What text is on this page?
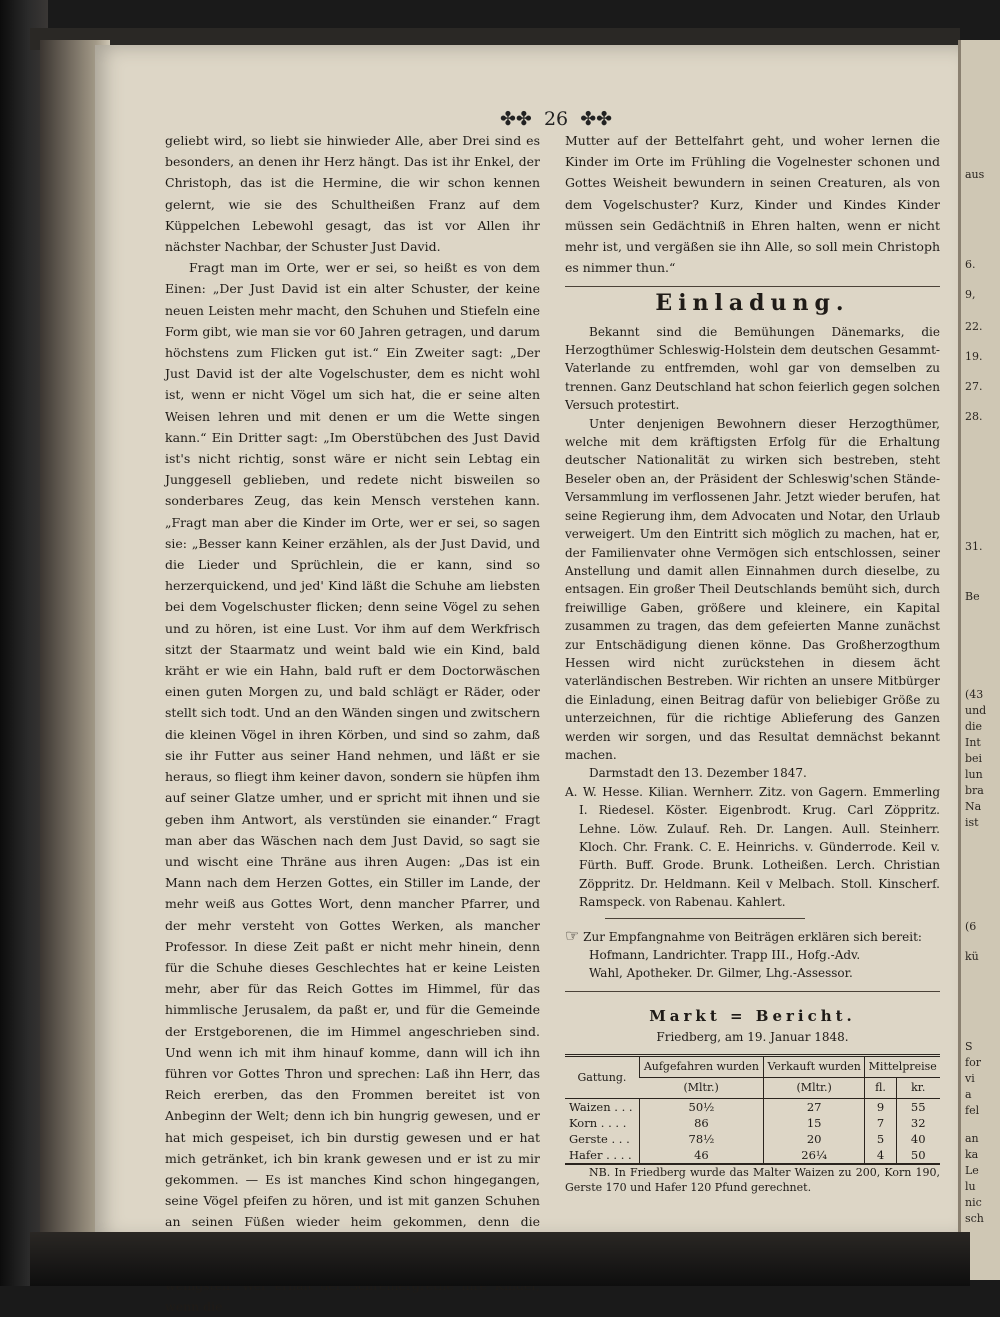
✤✤ 26 ✤✤

geliebt wird, so liebt sie hinwieder Alle, aber Drei sind es besonders, an denen ihr Herz hängt. Das ist ihr Enkel, der Christoph, das ist die Hermine, die wir schon kennen gelernt, wie sie des Schultheißen Franz auf dem Küppelchen Lebewohl gesagt, das ist vor Allen ihr nächster Nachbar, der Schuster Just David.

Fragt man im Orte, wer er sei, so heißt es von dem Einen: „Der Just David ist ein alter Schuster, der keine neuen Leisten mehr macht, den Schuhen und Stiefeln eine Form gibt, wie man sie vor 60 Jahren getragen, und darum höchstens zum Flicken gut ist.“ Ein Zweiter sagt: „Der Just David ist der alte Vogelschuster, dem es nicht wohl ist, wenn er nicht Vögel um sich hat, die er seine alten Weisen lehren und mit denen er um die Wette singen kann.“ Ein Dritter sagt: „Im Oberstübchen des Just David ist's nicht richtig, sonst wäre er nicht sein Lebtag ein Junggesell geblieben, und redete nicht bisweilen so sonderbares Zeug, das kein Mensch verstehen kann. „Fragt man aber die Kinder im Orte, wer er sei, so sagen sie: „Besser kann Keiner erzählen, als der Just David, und die Lieder und Sprüchlein, die er kann, sind so herzerquickend, und jed' Kind läßt die Schuhe am liebsten bei dem Vogelschuster flicken; denn seine Vögel zu sehen und zu hören, ist eine Lust. Vor ihm auf dem Werkfrisch sitzt der Staarmatz und weint bald wie ein Kind, bald kräht er wie ein Hahn, bald ruft er dem Doctorwäschen einen guten Morgen zu, und bald schlägt er Räder, oder stellt sich todt. Und an den Wänden singen und zwitschern die kleinen Vögel in ihren Körben, und sind so zahm, daß sie ihr Futter aus seiner Hand nehmen, und läßt er sie heraus, so fliegt ihm keiner davon, sondern sie hüpfen ihm auf seiner Glatze umher, und er spricht mit ihnen und sie geben ihm Antwort, als verstünden sie einander.“ Fragt man aber das Wäschen nach dem Just David, so sagt sie und wischt eine Thräne aus ihren Augen: „Das ist ein Mann nach dem Herzen Gottes, ein Stiller im Lande, der mehr weiß aus Gottes Wort, denn mancher Pfarrer, und der mehr versteht von Gottes Werken, als mancher Professor. In diese Zeit paßt er nicht mehr hinein, denn für die Schuhe dieses Geschlechtes hat er keine Leisten mehr, aber für das Reich Gottes im Himmel, für das himmlische Jerusalem, da paßt er, und für die Gemeinde der Erstgeborenen, die im Himmel angeschrieben sind. Und wenn ich mit ihm hinauf komme, dann will ich ihn führen vor Gottes Thron und sprechen: Laß ihn Herr, das Reich ererben, das den Frommen bereitet ist von Anbeginn der Welt; denn ich bin hungrig gewesen, und er hat mich gespeiset, ich bin durstig gewesen und er hat mich getränket, ich bin krank gewesen und er ist zu mir gekommen. — Es ist manches Kind schon hingegangen, seine Vögel pfeifen zu hören, und ist mit ganzen Schuhen an seinen Füßen wieder heim gekommen, denn die wenn die

Mutter auf der Bettelfahrt geht, und woher lernen die Kinder im Orte im Frühling die Vogelnester schonen und Gottes Weisheit bewundern in seinen Creaturen, als von dem Vogelschuster? Kurz, Kinder und Kindes Kinder müssen sein Gedächtniß in Ehren halten, wenn er nicht mehr ist, und vergäßen sie ihn Alle, so soll mein Christoph es nimmer thun.“

Einladung.

Bekannt sind die Bemühungen Dänemarks, die Herzogthümer Schleswig-Holstein dem deutschen Gesammt-Vaterlande zu entfremden, wohl gar von demselben zu trennen. Ganz Deutschland hat schon feierlich gegen solchen Versuch protestirt.

Unter denjenigen Bewohnern dieser Herzogthümer, welche mit dem kräftigsten Erfolg für die Erhaltung deutscher Nationalität zu wirken sich bestreben, steht Beseler oben an, der Präsident der Schleswig'schen Stände-Versammlung im verflossenen Jahr. Jetzt wieder berufen, hat seine Regierung ihm, dem Advocaten und Notar, den Urlaub verweigert. Um den Eintritt sich möglich zu machen, hat er, der Familienvater ohne Vermögen sich entschlossen, seiner Anstellung und damit allen Einnahmen durch dieselbe, zu entsagen. Ein großer Theil Deutschlands bemüht sich, durch freiwillige Gaben, größere und kleinere, ein Kapital zusammen zu tragen, das dem gefeierten Manne zunächst zur Entschädigung dienen könne. Das Großherzogthum Hessen wird nicht zurückstehen in diesem ächt vaterländischen Bestreben. Wir richten an unsere Mitbürger die Einladung, einen Beitrag dafür von beliebiger Größe zu unterzeichnen, für die richtige Ablieferung des Ganzen werden wir sorgen, und das Resultat demnächst bekannt machen.

Darmstadt den 13. Dezember 1847.

A. W. Hesse. Kilian. Wernherr. Zitz. von Gagern. Emmerling I. Riedesel. Köster. Eigenbrodt. Krug. Carl Zöppritz. Lehne. Löw. Zulauf. Reh. Dr. Langen. Aull. Steinherr. Kloch. Chr. Frank. C. E. Heinrichs. v. Günderrode. Keil v. Fürth. Buff. Grode. Brunk. Lotheißen. Lerch. Christian Zöppritz. Dr. Heldmann. Keil v Melbach. Stoll. Kinscherf. Ramspeck. von Rabenau. Kahlert.

☞ Zur Empfangnahme von Beiträgen erklären sich bereit:

Hofmann, Landrichter. Trapp III., Hofg.-Adv.

Wahl, Apotheker. Dr. Gilmer, Lhg.-Assessor.

Markt = Bericht.
Friedberg, am 19. Januar 1848.
Gattung.	Aufgefahren wurden	Verkauft wurden	Mittelpreise	
	(Mltr.)	(Mltr.)	fl.	kr.
Waizen . . .	50½	27	9	55
Korn . . . .	86	15	7	32
Gerste . . .	78½	20	5	40
Hafer . . . .	46	26¼	4	50

NB. In Friedberg wurde das Malter Waizen zu 200, Korn 190, Gerste 170 und Hafer 120 Pfund gerechnet.

aus
6.
9,
22.
19.
27.
28.
31.
Be
(43
und
die
Int
bei
lun
bra
Na
ist
(6
kü
S
for
vi
a
fel
an
ka
Le
lu
nic
sch
